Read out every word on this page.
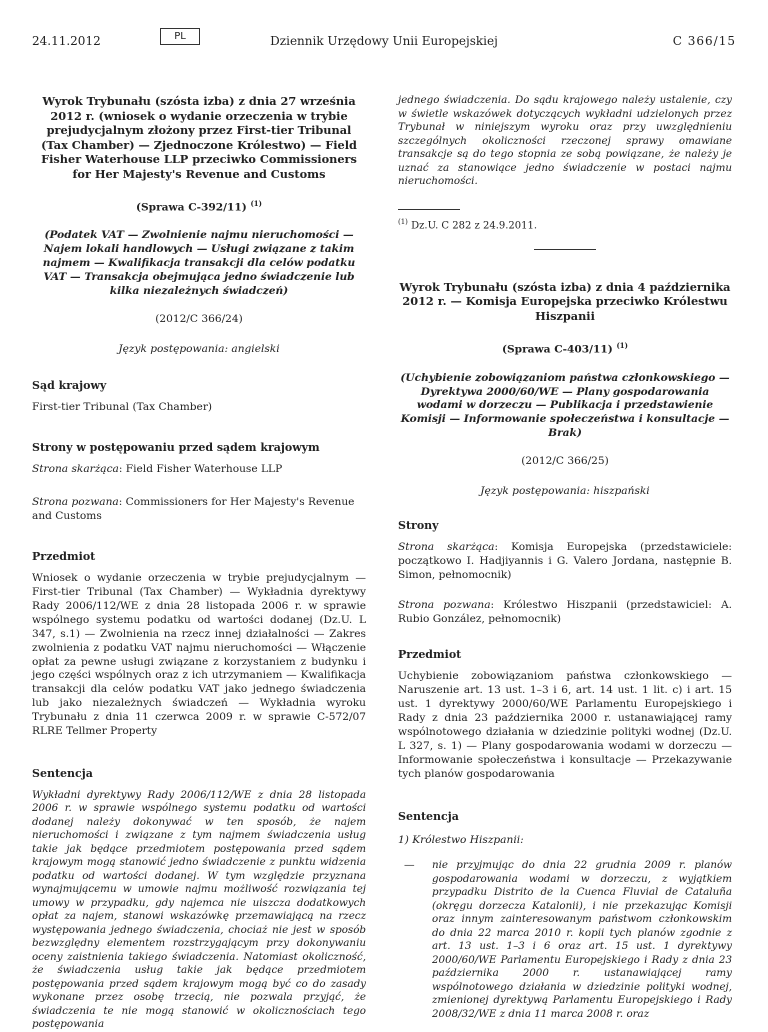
24.11.2012	PL	Dziennik Urzędowy Unii Europejskiej	C 366/15

Wyrok Trybunału (szósta izba) z dnia 27 września 2012 r. (wniosek o wydanie orzeczenia w trybie prejudycjalnym złożony przez First-tier Tribunal (Tax Chamber) — Zjednoczone Królestwo) — Field Fisher Waterhouse LLP przeciwko Commissioners for Her Majesty's Revenue and Customs

(Sprawa C-392/11) $^{(1)}$

(Podatek VAT — Zwolnienie najmu nieruchomości — Najem lokali handlowych — Usługi związane z takim najmem — Kwalifikacja transakcji dla celów podatku VAT — Transakcja obejmująca jedno świadczenie lub kilka niezależnych świadczeń)

(2012/C 366/24)

Język postępowania: angielski

Sąd krajowy

First-tier Tribunal (Tax Chamber)

Strony w postępowaniu przed sądem krajowym

Strona skarżąca: Field Fisher Waterhouse LLP

Strona pozwana: Commissioners for Her Majesty's Revenue and Customs

Przedmiot

Wniosek o wydanie orzeczenia w trybie prejudycjalnym — First-tier Tribunal (Tax Chamber) — Wykładnia dyrektywy Rady 2006/112/WE z dnia 28 listopada 2006 r. w sprawie wspólnego systemu podatku od wartości dodanej (Dz.U. L 347, s.1) — Zwolnienia na rzecz innej działalności — Zakres zwolnienia z podatku VAT najmu nieruchomości — Włączenie opłat za pewne usługi związane z korzystaniem z budynku i jego części wspólnych oraz z ich utrzymaniem — Kwalifikacja transakcji dla celów podatku VAT jako jednego świadczenia lub jako niezależnych świadczeń — Wykładnia wyroku Trybunału z dnia 11 czerwca 2009 r. w sprawie C-572/07 RLRE Tellmer Property

Sentencja

Wykładni dyrektywy Rady 2006/112/WE z dnia 28 listopada 2006 r. w sprawie wspólnego systemu podatku od wartości dodanej należy dokonywać w ten sposób, że najem nieruchomości i związane z tym najmem świadczenia usług takie jak będące przedmiotem postępowania przed sądem krajowym mogą stanowić jedno świadczenie z punktu widzenia podatku od wartości dodanej. W tym względzie przyznana wynajmującemu w umowie najmu możliwość rozwiązania tej umowy w przypadku, gdy najemca nie uiszcza dodatkowych opłat za najem, stanowi wskazówkę przemawiającą na rzecz występowania jednego świadczenia, chociaż nie jest w sposób bezwzględny elementem rozstrzygającym przy dokonywaniu oceny zaistnienia takiego świadczenia. Natomiast okoliczność, że świadczenia usług takie jak będące przedmiotem postępowania przed sądem krajowym mogą być co do zasady wykonane przez osobę trzecią, nie pozwala przyjąć, że świadczenia te nie mogą stanowić w okolicznościach tego postępowania

jednego świadczenia. Do sądu krajowego należy ustalenie, czy w świetle wskazówek dotyczących wykładni udzielonych przez Trybunał w niniejszym wyroku oraz przy uwzględnieniu szczególnych okoliczności rzeczonej sprawy omawiane transakcje są do tego stopnia ze sobą powiązane, że należy je uznać za stanowiące jedno świadczenie w postaci najmu nieruchomości.

$^{(1)}$ Dz.U. C 282 z 24.9.2011.

Wyrok Trybunału (szósta izba) z dnia 4 października 2012 r. — Komisja Europejska przeciwko Królestwu Hiszpanii

(Sprawa C-403/11) $^{(1)}$

(Uchybienie zobowiązaniom państwa członkowskiego — Dyrektywa 2000/60/WE — Plany gospodarowania wodami w dorzeczu — Publikacja i przedstawienie Komisji — Informowanie społeczeństwa i konsultacje — Brak)

(2012/C 366/25)

Język postępowania: hiszpański

Strony

Strona skarżąca: Komisja Europejska (przedstawiciele: początkowo I. Hadjiyannis i G. Valero Jordana, następnie B. Simon, pełnomocnik)

Strona pozwana: Królestwo Hiszpanii (przedstawiciel: A. Rubio González, pełnomocnik)

Przedmiot

Uchybienie zobowiązaniom państwa członkowskiego — Naruszenie art. 13 ust. 1–3 i 6, art. 14 ust. 1 lit. c) i art. 15 ust. 1 dyrektywy 2000/60/WE Parlamentu Europejskiego i Rady z dnia 23 października 2000 r. ustanawiającej ramy wspólnotowego działania w dziedzinie polityki wodnej (Dz.U. L 327, s. 1) — Plany gospodarowania wodami w dorzeczu — Informowanie społeczeństwa i konsultacje — Przekazywanie tych planów gospodarowania

Sentencja

1) Królestwo Hiszpanii:

—	nie przyjmując do dnia 22 grudnia 2009 r. planów gospodarowania wodami w dorzeczu, z wyjątkiem przypadku Distrito de la Cuenca Fluvial de Cataluña (okręgu dorzecza Katalonii), i nie przekazując Komisji oraz innym zainteresowanym państwom członkowskim do dnia 22 marca 2010 r. kopii tych planów zgodnie z art. 13 ust. 1–3 i 6 oraz art. 15 ust. 1 dyrektywy 2000/60/WE Parlamentu Europejskiego i Rady z dnia 23 października 2000 r. ustanawiającej ramy wspólnotowego działania w dziedzinie polityki wodnej, zmienionej dyrektywą Parlamentu Europejskiego i Rady 2008/32/WE z dnia 11 marca 2008 r. oraz
